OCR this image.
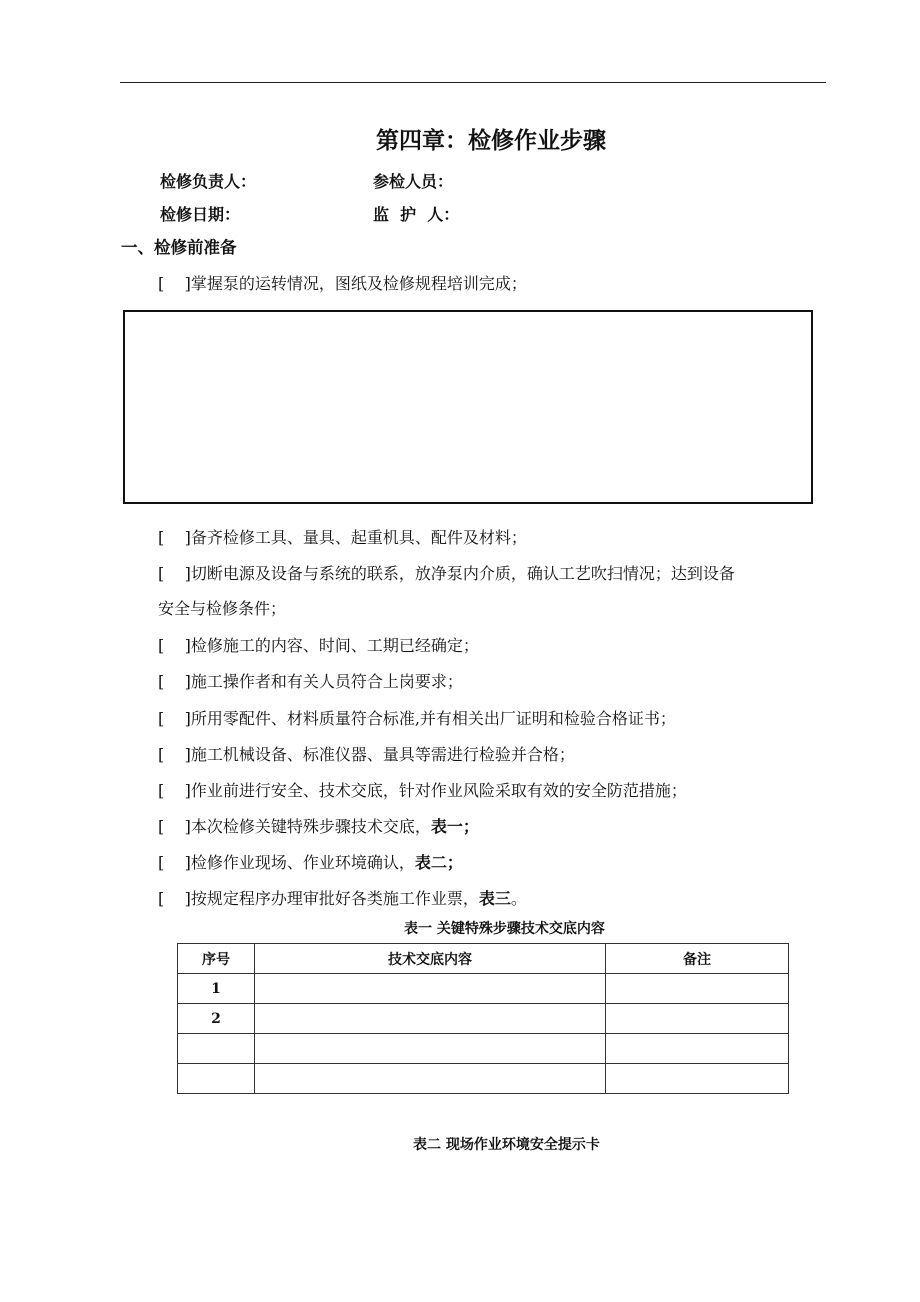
第四章：检修作业步骤
检修负责人：	参检人员：
检修日期：	监  护  人：
一、检修前准备
[    ]掌握泵的运转情况，图纸及检修规程培训完成；
[    ]备齐检修工具、量具、起重机具、配件及材料；
[    ]切断电源及设备与系统的联系，放净泵内介质，确认工艺吹扫情况；达到设备
安全与检修条件；
[    ]检修施工的内容、时间、工期已经确定；
[    ]施工操作者和有关人员符合上岗要求；
[    ]所用零配件、材料质量符合标准,并有相关出厂证明和检验合格证书；
[    ]施工机械设备、标准仪器、量具等需进行检验并合格；
[    ]作业前进行安全、技术交底，针对作业风险采取有效的安全防范措施；
[    ]本次检修关键特殊步骤技术交底，表一；
[    ]检修作业现场、作业环境确认，表二；
[    ]按规定程序办理审批好各类施工作业票，表三。
表一 关键特殊步骤技术交底内容
序号	技术交底内容	备注
1		
2		

表二 现场作业环境安全提示卡
